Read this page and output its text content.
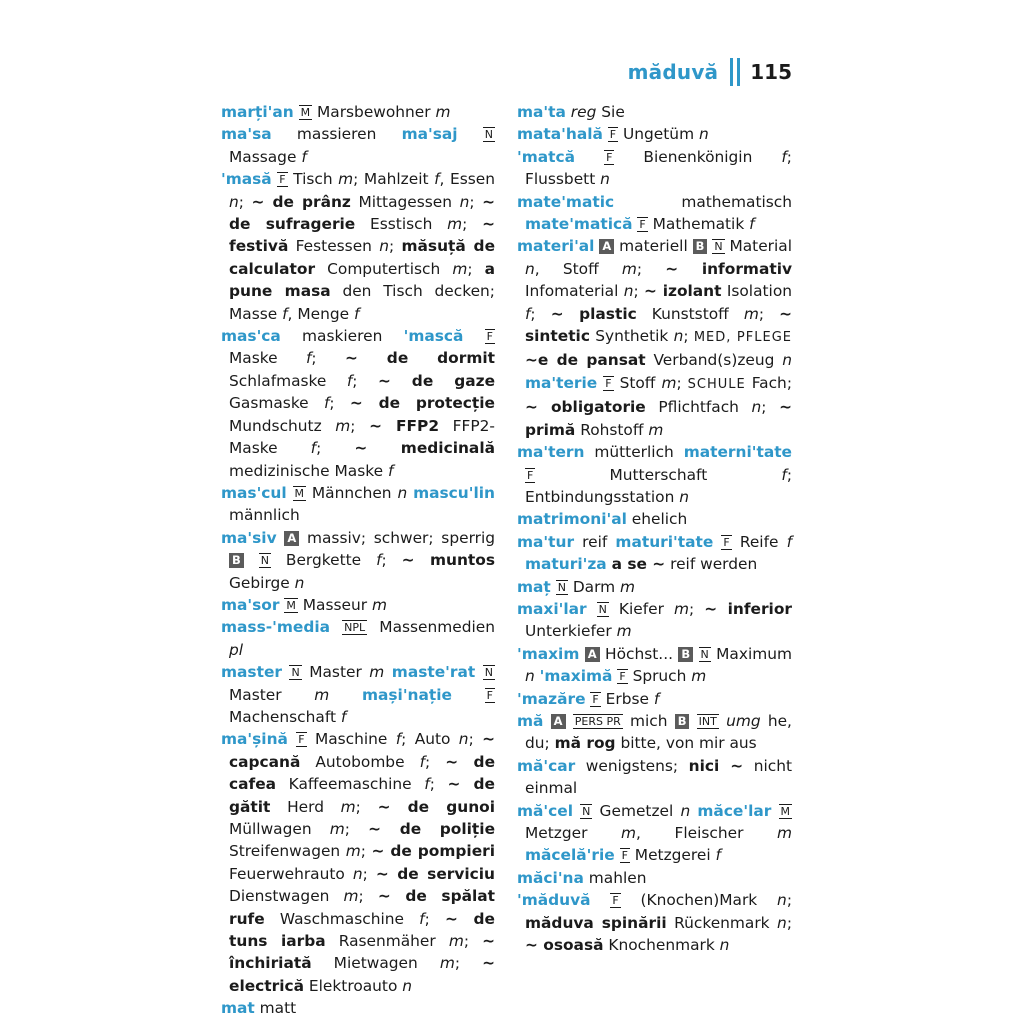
măduvă 115

marți'an M Marsbewohner m

ma'sa massieren ma'saj N Massage f

'masă F Tisch m; Mahlzeit f, Essen n; ~ de prânz Mittagessen n; ~ de sufragerie Esstisch m; ~ festivă Festessen n; măsuță de calculator Computertisch m; a pune masa den Tisch decken; Masse f, Menge f

mas'ca maskieren 'mască F Maske f; ~ de dormit Schlafmaske f; ~ de gaze Gasmaske f; ~ de protecție Mundschutz m; ~ FFP2 FFP2-Maske f; ~ medicinală medizinische Maske f

mas'cul M Männchen n mascu'lin männlich

ma'siv A massiv; schwer; sperrig B N Bergkette f; ~ muntos Gebirge n

ma'sor M Masseur m

mass-'media NPL Massenmedien pl

master N Master m maste'rat N Master m mași'nație	F Machenschaft f

ma'șină F Maschine f; Auto n; ~ capcană Autobombe f; ~ de cafea Kaffeemaschine f; ~ de gătit Herd m; ~ de gunoi Müllwagen m; ~ de poliție Streifenwagen m; ~ de pompieri Feuerwehrauto n; ~ de serviciu Dienstwagen m; ~ de spălat rufe Waschmaschine f; ~ de tuns iarba Rasenmäher m; ~ închiriată Mietwagen m; ~ electrică Elektroauto n

mat matt

ma'ta reg Sie

mata'hală F Ungetüm n

'matcă	F Bienenkönigin f; Flussbett n

mate'matic mathematisch mate'matică F Mathematik f

materi'al A materiell B N Material n, Stoff m; ~ informativ Infomaterial n; ~ izolant Isolation f; ~ plastic Kunststoff m; ~ sintetic Synthetik n; MED, PFLEGE ~e de pansat Verband(s)zeug n ma'terie F Stoff m; SCHULE Fach; ~ obligatorie Pflichtfach n; ~ primă Rohstoff m

ma'tern mütterlich materni'tate F Mutterschaft f; Entbindungsstation n

matrimoni'al ehelich

ma'tur reif maturi'tate F Reife f maturi'za a se ~ reif werden

maț N Darm m

maxi'lar N Kiefer m; ~ inferior Unterkiefer m

'maxim A Höchst... B N Maximum n 'maximă F Spruch m

'mazăre F Erbse f

mă A PERS PR mich B INT umg he, du; mă rog bitte, von mir aus

mă'car wenigstens; nici ~ nicht einmal

mă'cel N Gemetzel n măce'lar M Metzger m, Fleischer m măcelă'rie F Metzgerei f

măci'na mahlen

'măduvă F (Knochen)Mark n; măduva spinării Rückenmark n; ~ osoasă Knochenmark n
